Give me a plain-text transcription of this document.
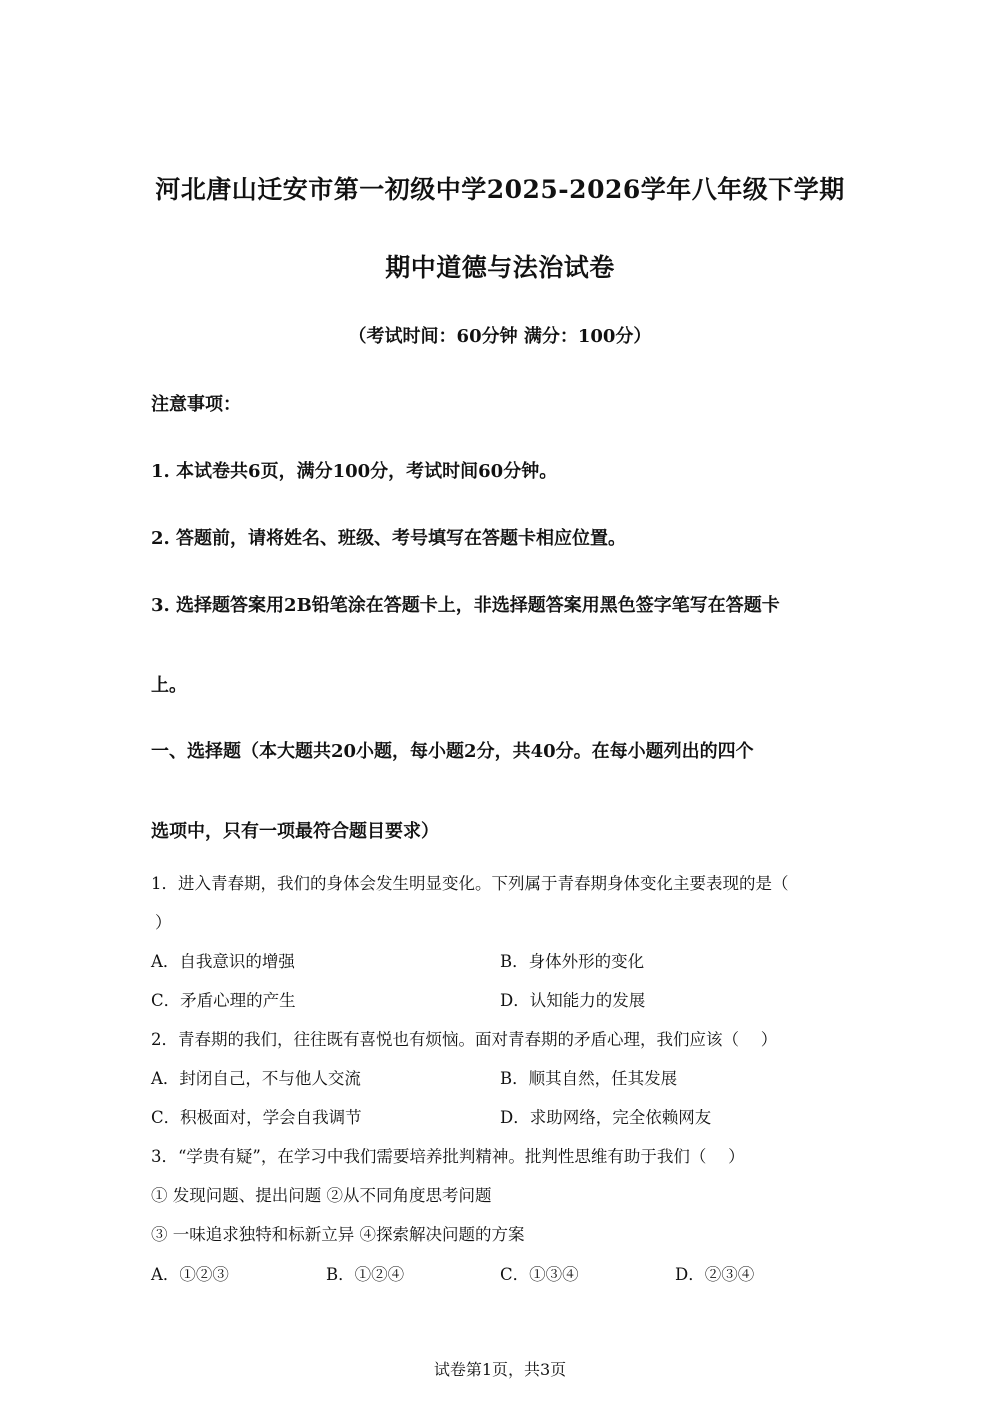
河北唐山迁安市第一初级中学2025-2026学年八年级下学期
期中道德与法治试卷
（考试时间：60分钟 满分：100分）
注意事项：
1. 本试卷共6页，满分100分，考试时间60分钟。
2. 答题前，请将姓名、班级、考号填写在答题卡相应位置。
3. 选择题答案用2B铅笔涂在答题卡上，非选择题答案用黑色签字笔写在答题卡
上。
一、选择题（本大题共20小题，每小题2分，共40分。在每小题列出的四个
选项中，只有一项最符合题目要求）
1．进入青春期，我们的身体会发生明显变化。下列属于青春期身体变化主要表现的是（
）
A．自我意识的增强	B．身体外形的变化
C．矛盾心理的产生	D．认知能力的发展
2．青春期的我们，往往既有喜悦也有烦恼。面对青春期的矛盾心理，我们应该（　 ）
A．封闭自己，不与他人交流	B．顺其自然，任其发展
C．积极面对，学会自我调节	D．求助网络，完全依赖网友
3．“学贵有疑”，在学习中我们需要培养批判精神。批判性思维有助于我们（　 ）
① 发现问题、提出问题 ②从不同角度思考问题
③ 一味追求独特和标新立异 ④探索解决问题的方案
A．①②③	B．①②④	C．①③④	D．②③④
试卷第1页，共3页
